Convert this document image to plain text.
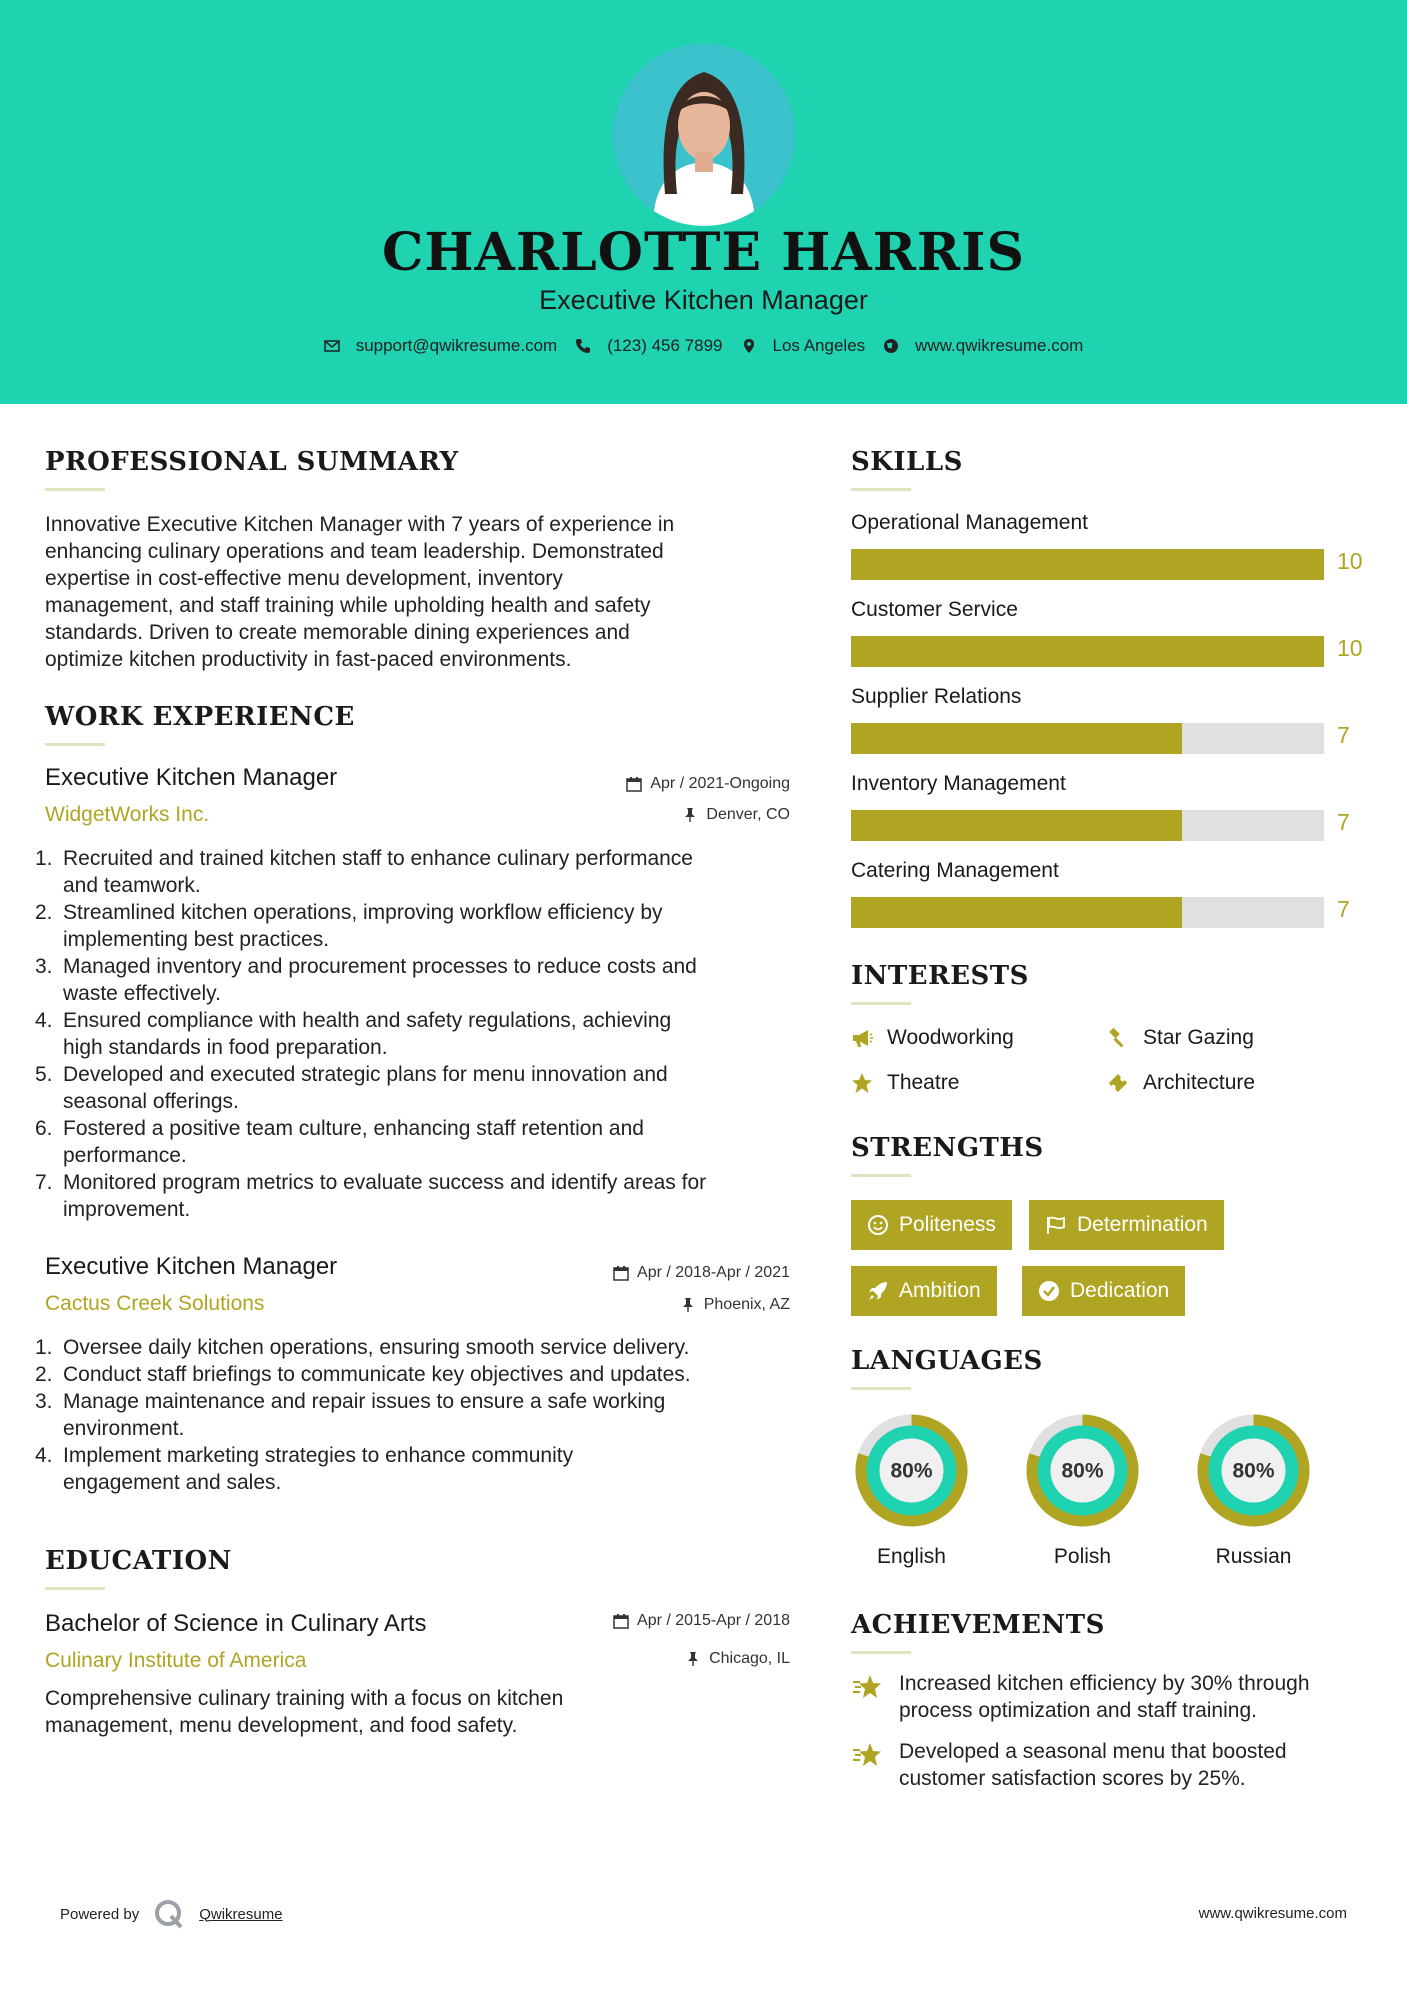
CHARLOTTE HARRIS
Executive Kitchen Manager
support@qwikresume.com	(123) 456 7899	Los Angeles	www.qwikresume.com
PROFESSIONAL SUMMARY
Innovative Executive Kitchen Manager with 7 years of experience in
enhancing culinary operations and team leadership. Demonstrated
expertise in cost-effective menu development, inventory
management, and staff training while upholding health and safety
standards. Driven to create memorable dining experiences and
optimize kitchen productivity in fast-paced environments.
WORK EXPERIENCE
Executive Kitchen Manager	Apr / 2021-Ongoing
WidgetWorks Inc.	Denver, CO
1. Recruited and trained kitchen staff to enhance culinary performance
and teamwork.
2. Streamlined kitchen operations, improving workflow efficiency by
implementing best practices.
3. Managed inventory and procurement processes to reduce costs and
waste effectively.
4. Ensured compliance with health and safety regulations, achieving
high standards in food preparation.
5. Developed and executed strategic plans for menu innovation and
seasonal offerings.
6. Fostered a positive team culture, enhancing staff retention and
performance.
7. Monitored program metrics to evaluate success and identify areas for
improvement.
Executive Kitchen Manager	Apr / 2018-Apr / 2021
Cactus Creek Solutions	Phoenix, AZ
1. Oversee daily kitchen operations, ensuring smooth service delivery.
2. Conduct staff briefings to communicate key objectives and updates.
3. Manage maintenance and repair issues to ensure a safe working
environment.
4. Implement marketing strategies to enhance community
engagement and sales.
EDUCATION
Bachelor of Science in Culinary Arts	Apr / 2015-Apr / 2018
Culinary Institute of America	Chicago, IL
Comprehensive culinary training with a focus on kitchen
management, menu development, and food safety.
SKILLS
Operational Management
10
Customer Service
10
Supplier Relations
7
Inventory Management
7
Catering Management
7
INTERESTS
Woodworking	Star Gazing
Theatre	Architecture
STRENGTHS
Politeness	Determination
Ambition	Dedication
LANGUAGES
80%
English
80%
Polish
80%
Russian
ACHIEVEMENTS
Increased kitchen efficiency by 30% through
process optimization and staff training.
Developed a seasonal menu that boosted
customer satisfaction scores by 25%.
Powered by	Qwikresume	www.qwikresume.com
